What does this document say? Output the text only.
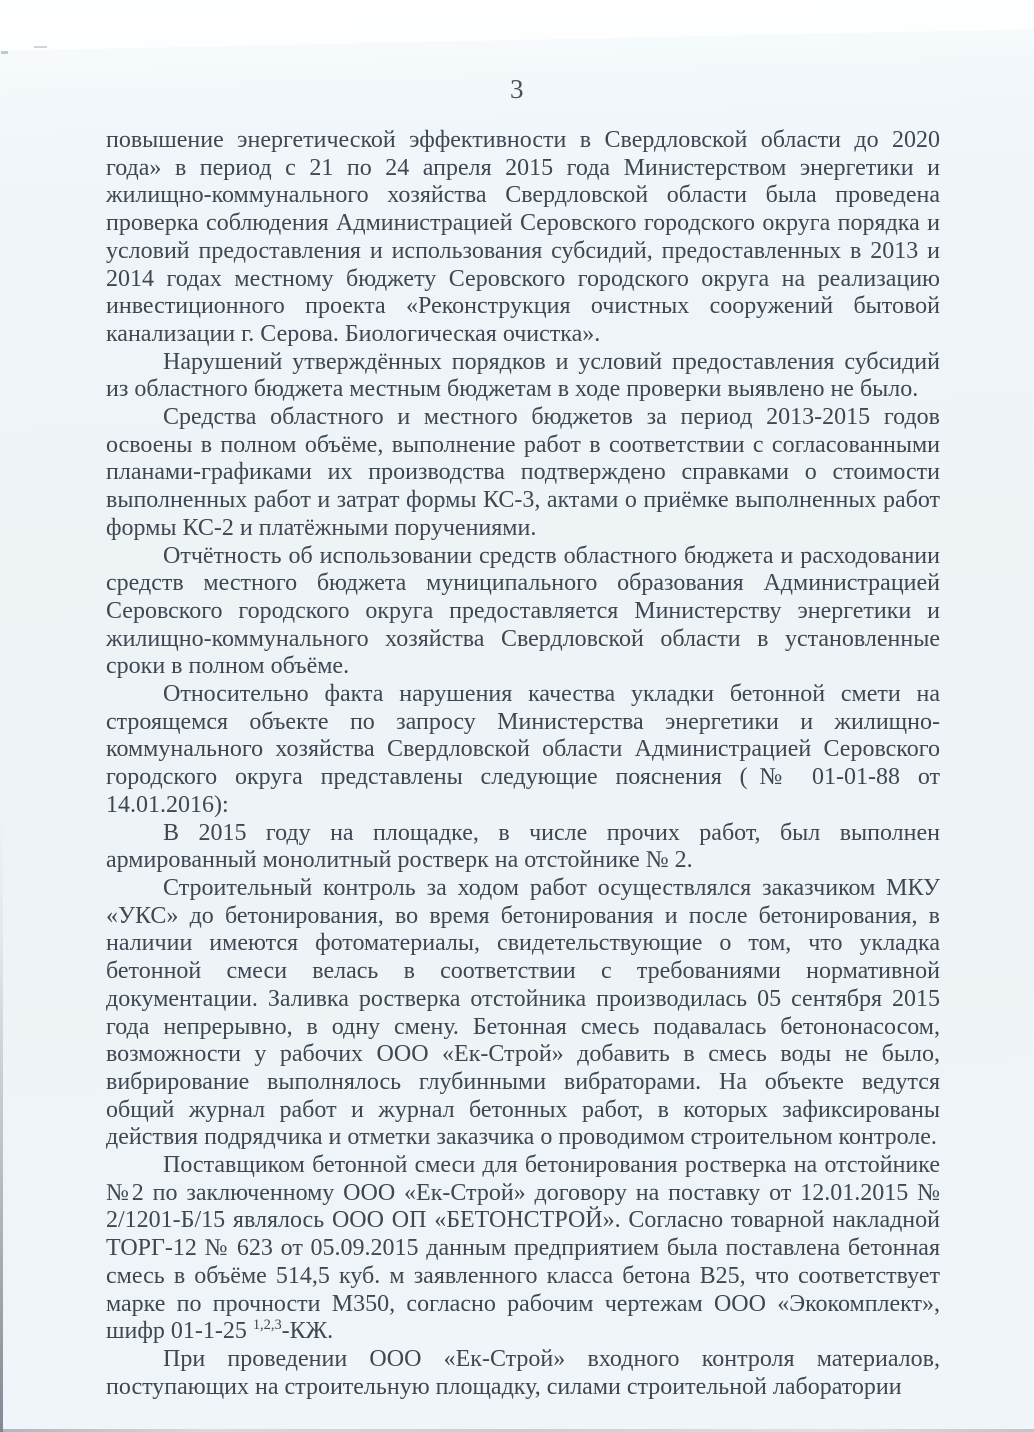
3

повышение энергетической эффективности в Свердловской области до 2020 года» в период с 21 по 24 апреля 2015 года Министерством энергетики и жилищно-коммунального хозяйства Свердловской области была проведена проверка соблюдения Администрацией Серовского городского округа порядка и условий предоставления и использования субсидий, предоставленных в 2013 и 2014 годах местному бюджету Серовского городского округа на реализацию инвестиционного проекта «Реконструкция очистных сооружений бытовой канализации г. Серова. Биологическая очистка».

Нарушений утверждённых порядков и условий предоставления субсидий из областного бюджета местным бюджетам в ходе проверки выявлено не было.

Средства областного и местного бюджетов за период 2013-2015 годов освоены в полном объёме, выполнение работ в соответствии с согласованными планами-графиками их производства подтверждено справками о стоимости выполненных работ и затрат формы КС-3, актами о приёмке выполненных работ формы КС-2 и платёжными поручениями.

Отчётность об использовании средств областного бюджета и расходовании средств местного бюджета муниципального образования Администрацией Серовского городского округа предоставляется Министерству энергетики и жилищно-коммунального хозяйства Свердловской области в установленные сроки в полном объёме.

Относительно факта нарушения качества укладки бетонной смети на строящемся объекте по запросу Министерства энергетики и жилищно-коммунального хозяйства Свердловской области Администрацией Серовского городского округа представлены следующие пояснения (№ 01-01-88 от 14.01.2016):

В 2015 году на площадке, в числе прочих работ, был выполнен армированный монолитный ростверк на отстойнике № 2.

Строительный контроль за ходом работ осуществлялся заказчиком МКУ «УКС» до бетонирования, во время бетонирования и после бетонирования, в наличии имеются фотоматериалы, свидетельствующие о том, что укладка бетонной смеси велась в соответствии с требованиями нормативной документации. Заливка ростверка отстойника производилась 05 сентября 2015 года непрерывно, в одну смену. Бетонная смесь подавалась бетононасосом, возможности у рабочих ООО «Ек-Строй» добавить в смесь воды не было, вибрирование выполнялось глубинными вибраторами. На объекте ведутся общий журнал работ и журнал бетонных работ, в которых зафиксированы действия подрядчика и отметки заказчика о проводимом строительном контроле.

Поставщиком бетонной смеси для бетонирования ростверка на отстойнике №2 по заключенному ООО «Ек-Строй» договору на поставку от 12.01.2015 № 2/1201-Б/15 являлось ООО ОП «БЕТОНСТРОЙ». Согласно товарной накладной ТОРГ-12 № 623 от 05.09.2015 данным предприятием была поставлена бетонная смесь в объёме 514,5 куб. м заявленного класса бетона В25, что соответствует марке по прочности М350, согласно рабочим чертежам ООО «Экокомплект», шифр 01-1-25 $^{1,2,3}$-КЖ.

При проведении ООО «Ек-Строй» входного контроля материалов, поступающих на строительную площадку, силами строительной лаборатории
